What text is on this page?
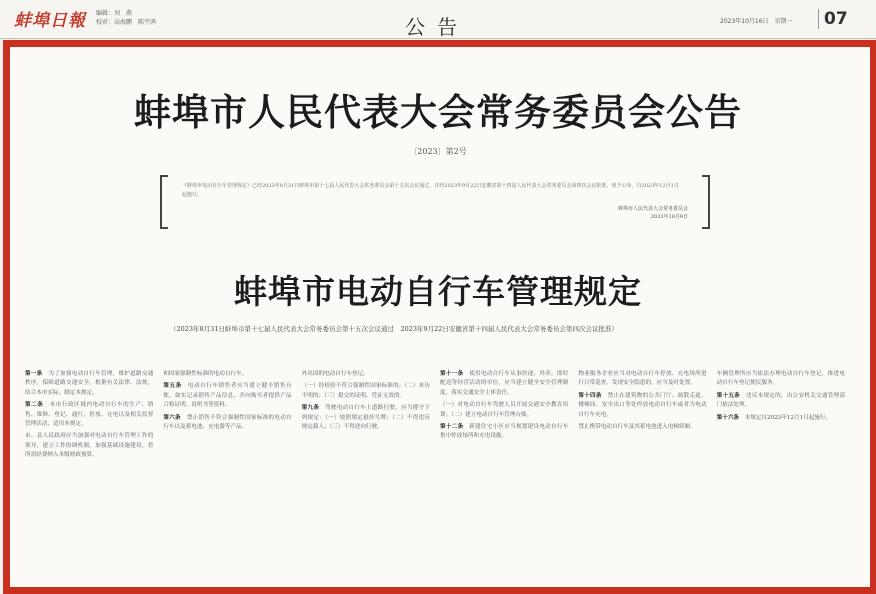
蚌埠日報 编辑：刘　燕
校对：高海鹏　陈宇鸿	公告	2023年10月16日　星期一	07
蚌埠市人民代表大会常务委员会公告
〔2023〕第2号
《蚌埠市电动自行车管理规定》已经2023年8月31日蚌埠市第十七届人民代表大会常务委员会第十五次会议通过，并经2023年9月22日安徽省第十四届人民代表大会常务委员会第四次会议批准，现予公布，自2023年12月1日起施行。
蚌埠市人民代表大会常务委员会
2023年10月9日
蚌埠市电动自行车管理规定
（2023年8月31日蚌埠市第十七届人民代表大会常务委员会第十五次会议通过　2023年9月22日安徽省第十四届人民代表大会常务委员会第四次会议批准）

第一条　为了加强电动自行车管理，维护道路交通秩序，保障道路交通安全，根据有关法律、法规，结合本市实际，制定本规定。

第二条　本市行政区域内电动自行车的生产、销售、维修、登记、通行、停放、充电以及相关监督管理活动，适用本规定。

市、县人民政府应当加强对电动自行车管理工作的领导，建立工作协调机制，加强基础设施建设，将所需经费纳入本级财政预算。

和国家强制性标准的电动自行车。

第五条　电动自行车销售者应当建立健全销售台账，如实记录销售产品信息，并向购买者提供产品合格证明、说明书等资料。

第六条　禁止销售不符合强制性国家标准的电动自行车以及蓄电池、充电器等产品。

外出国的电动自行车登记。

（一）经检验不符合强制性国家标准的；（二）来历不明的；（三）提交的证明、凭证无效的。

第九条　驾驶电动自行车上道路行驶，应当遵守下列规定：（一）按照规定悬挂号牌；（二）不得违反规定载人；（三）不得逆向行驶。

第十一条　使用电动自行车从事快递、外卖、即时配送等经营活动的单位，应当建立健全安全管理制度，落实交通安全主体责任。

（一）对电动自行车驾驶人员开展交通安全教育培训；（二）建立电动自行车管理台账。

第十二条　新建住宅小区应当规划建设电动自行车集中停放场所和充电设施。

物业服务企业应当对电动自行车停放、充电场所进行日常巡查，发现安全隐患的，应当及时处置。

第十四条　禁止在建筑物的公共门厅、疏散走道、楼梯间、安全出口等处停放电动自行车或者为电动自行车充电。

禁止携带电动自行车及其蓄电池进入电梯轿厢。

车辆管理所应当依法办理电动自行车登记，推进电动自行车登记便民服务。

第十五条　违反本规定的，由公安机关交通管理部门依法处理。

第十六条　本规定自2023年12月1日起施行。
